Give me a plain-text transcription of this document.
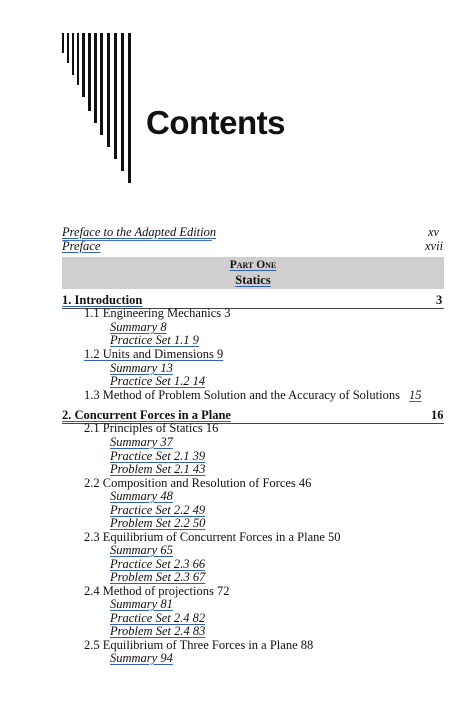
Contents
Preface to the Adapted Edition	xv
Preface	xvii
Part One
Statics
1. Introduction	3
1.1 Engineering Mechanics 3
Summary 8
Practice Set 1.1 9
1.2 Units and Dimensions 9
Summary 13
Practice Set 1.2 14
1.3 Method of Problem Solution and the Accuracy of Solutions 15
2. Concurrent Forces in a Plane	16
2.1 Principles of Statics 16
Summary 37
Practice Set 2.1 39
Problem Set 2.1 43
2.2 Composition and Resolution of Forces 46
Summary 48
Practice Set 2.2 49
Problem Set 2.2 50
2.3 Equilibrium of Concurrent Forces in a Plane 50
Summary 65
Practice Set 2.3 66
Problem Set 2.3 67
2.4 Method of projections 72
Summary 81
Practice Set 2.4 82
Problem Set 2.4 83
2.5 Equilibrium of Three Forces in a Plane 88
Summary 94
